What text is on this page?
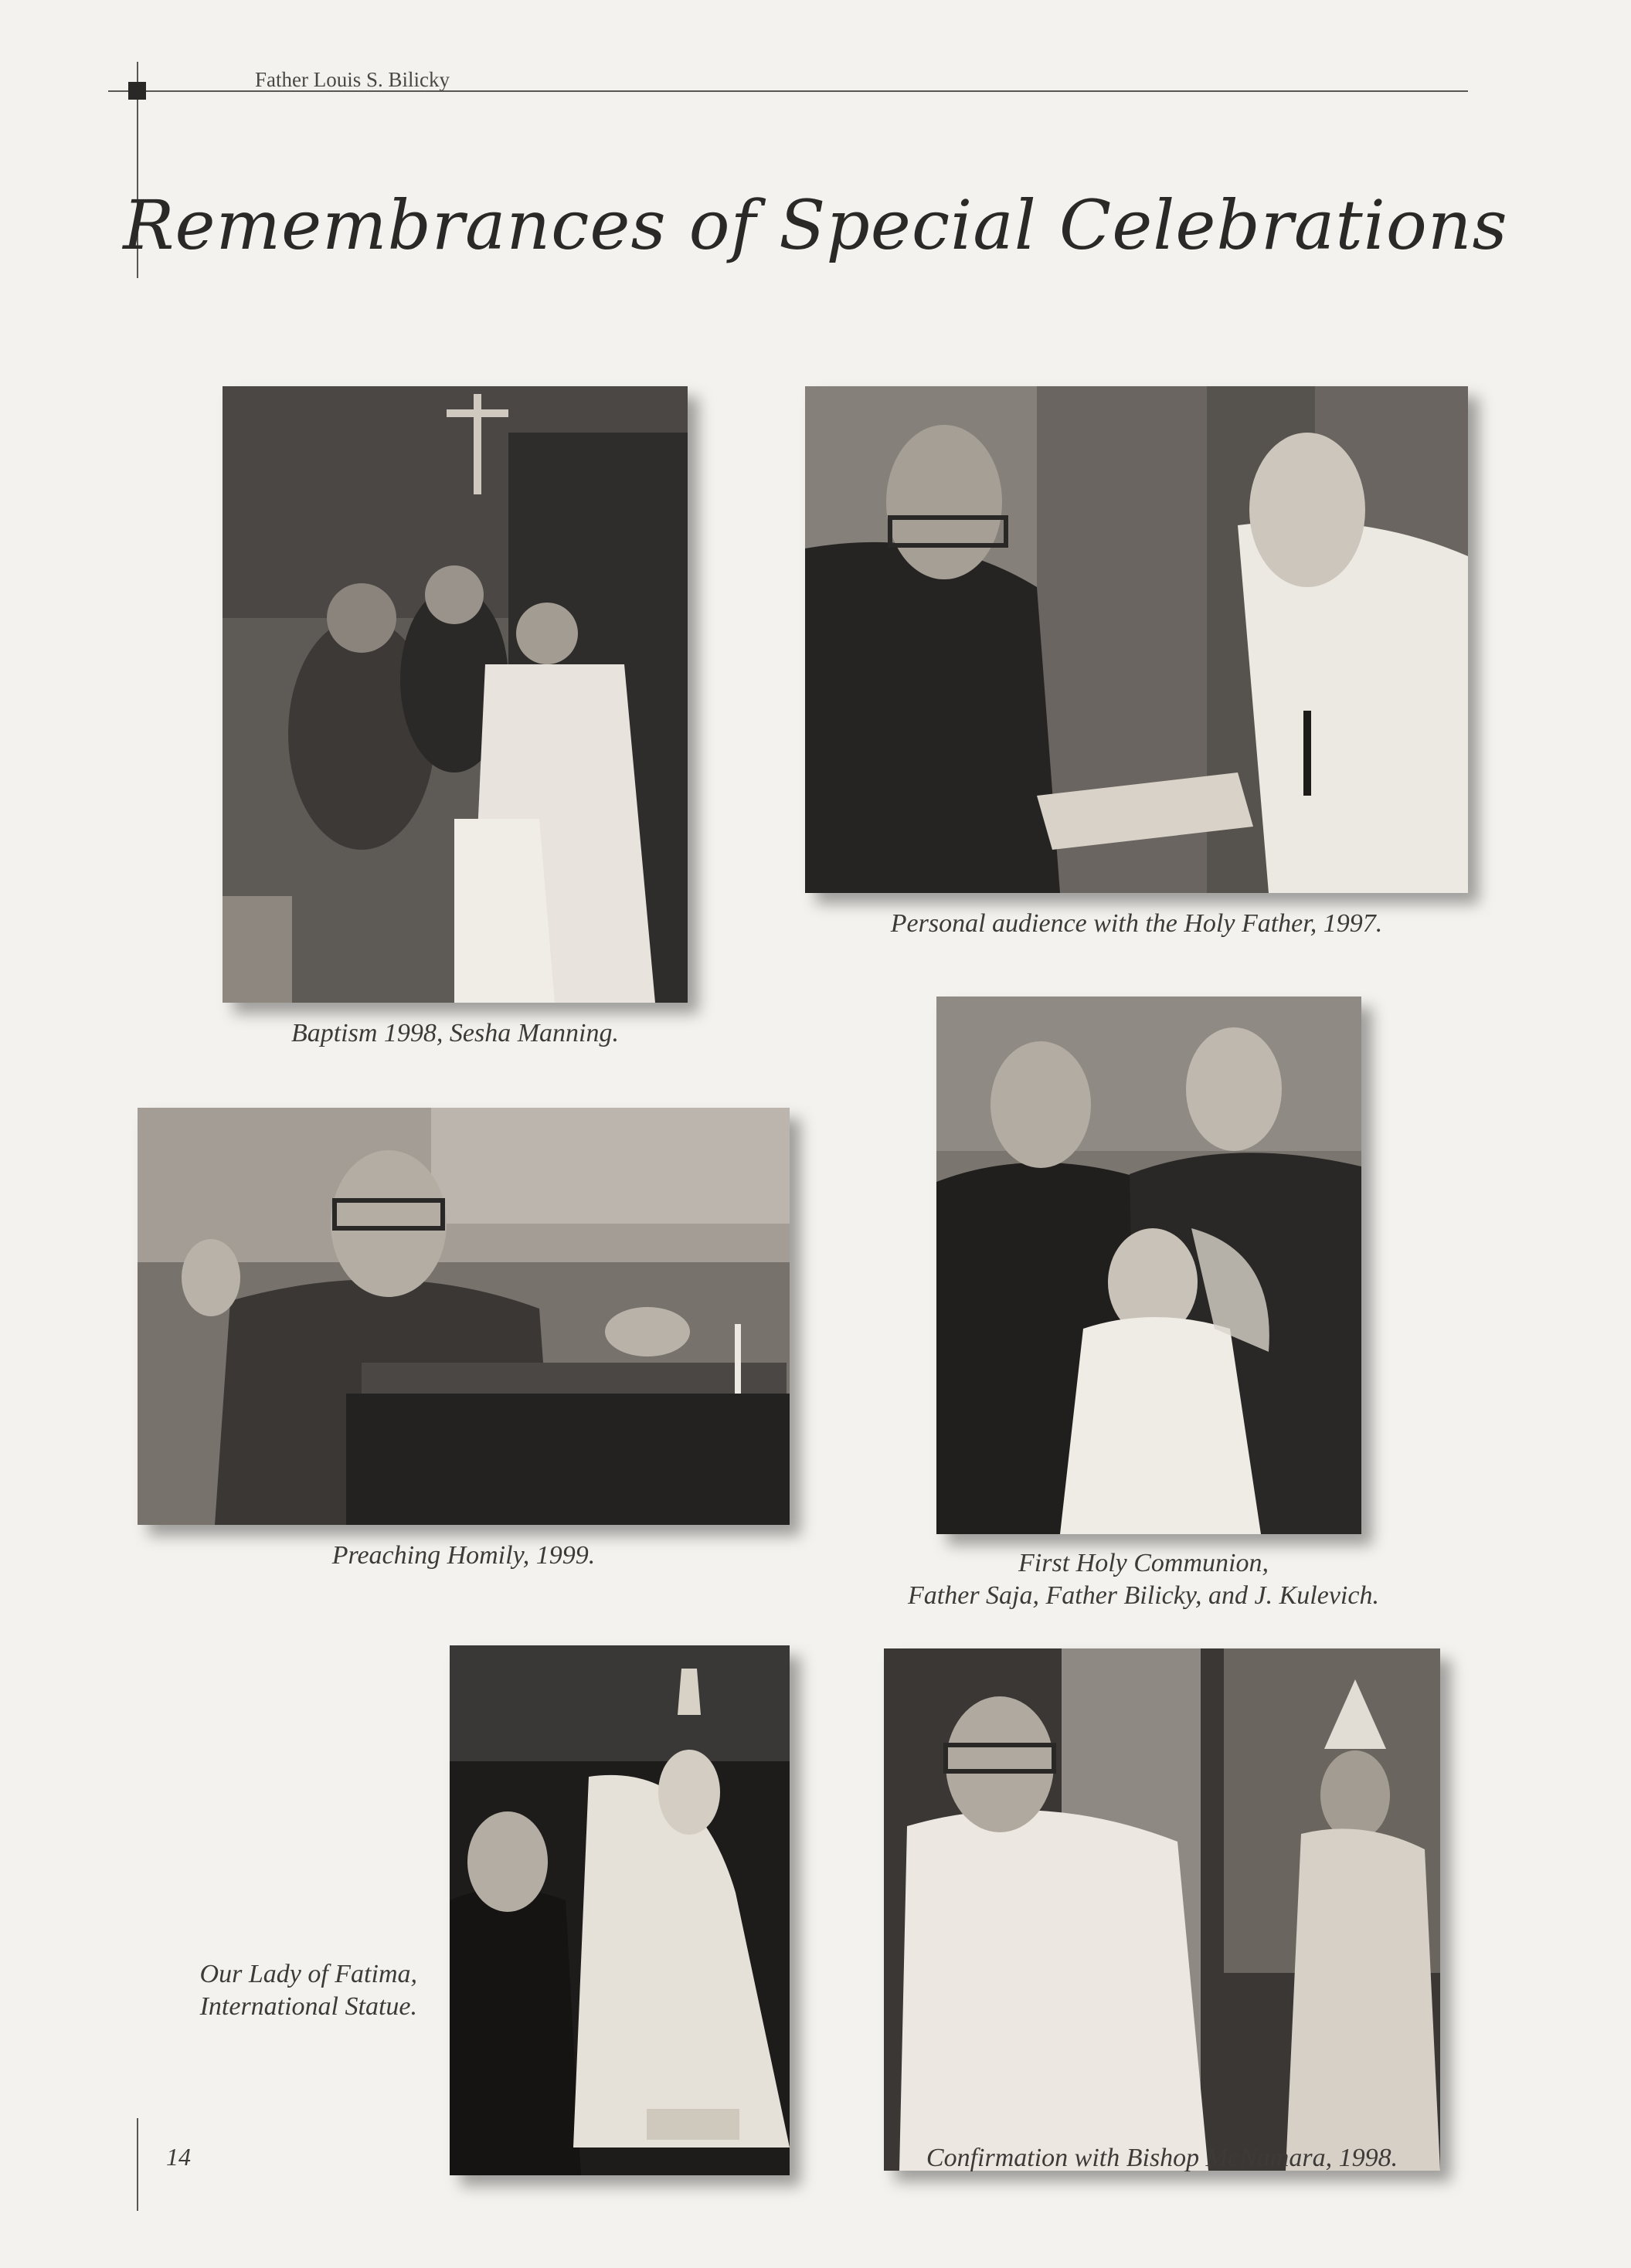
Father Louis S. Bilicky
Remembrances of Special Celebrations
Baptism 1998, Sesha Manning.
Personal audience with the Holy Father, 1997.
Preaching Homily, 1999.	First Holy Communion,
Father Saja, Father Bilicky, and J. Kulevich.
Our Lady of Fatima,
International Statue.
Confirmation with Bishop McNamara, 1998.
14
